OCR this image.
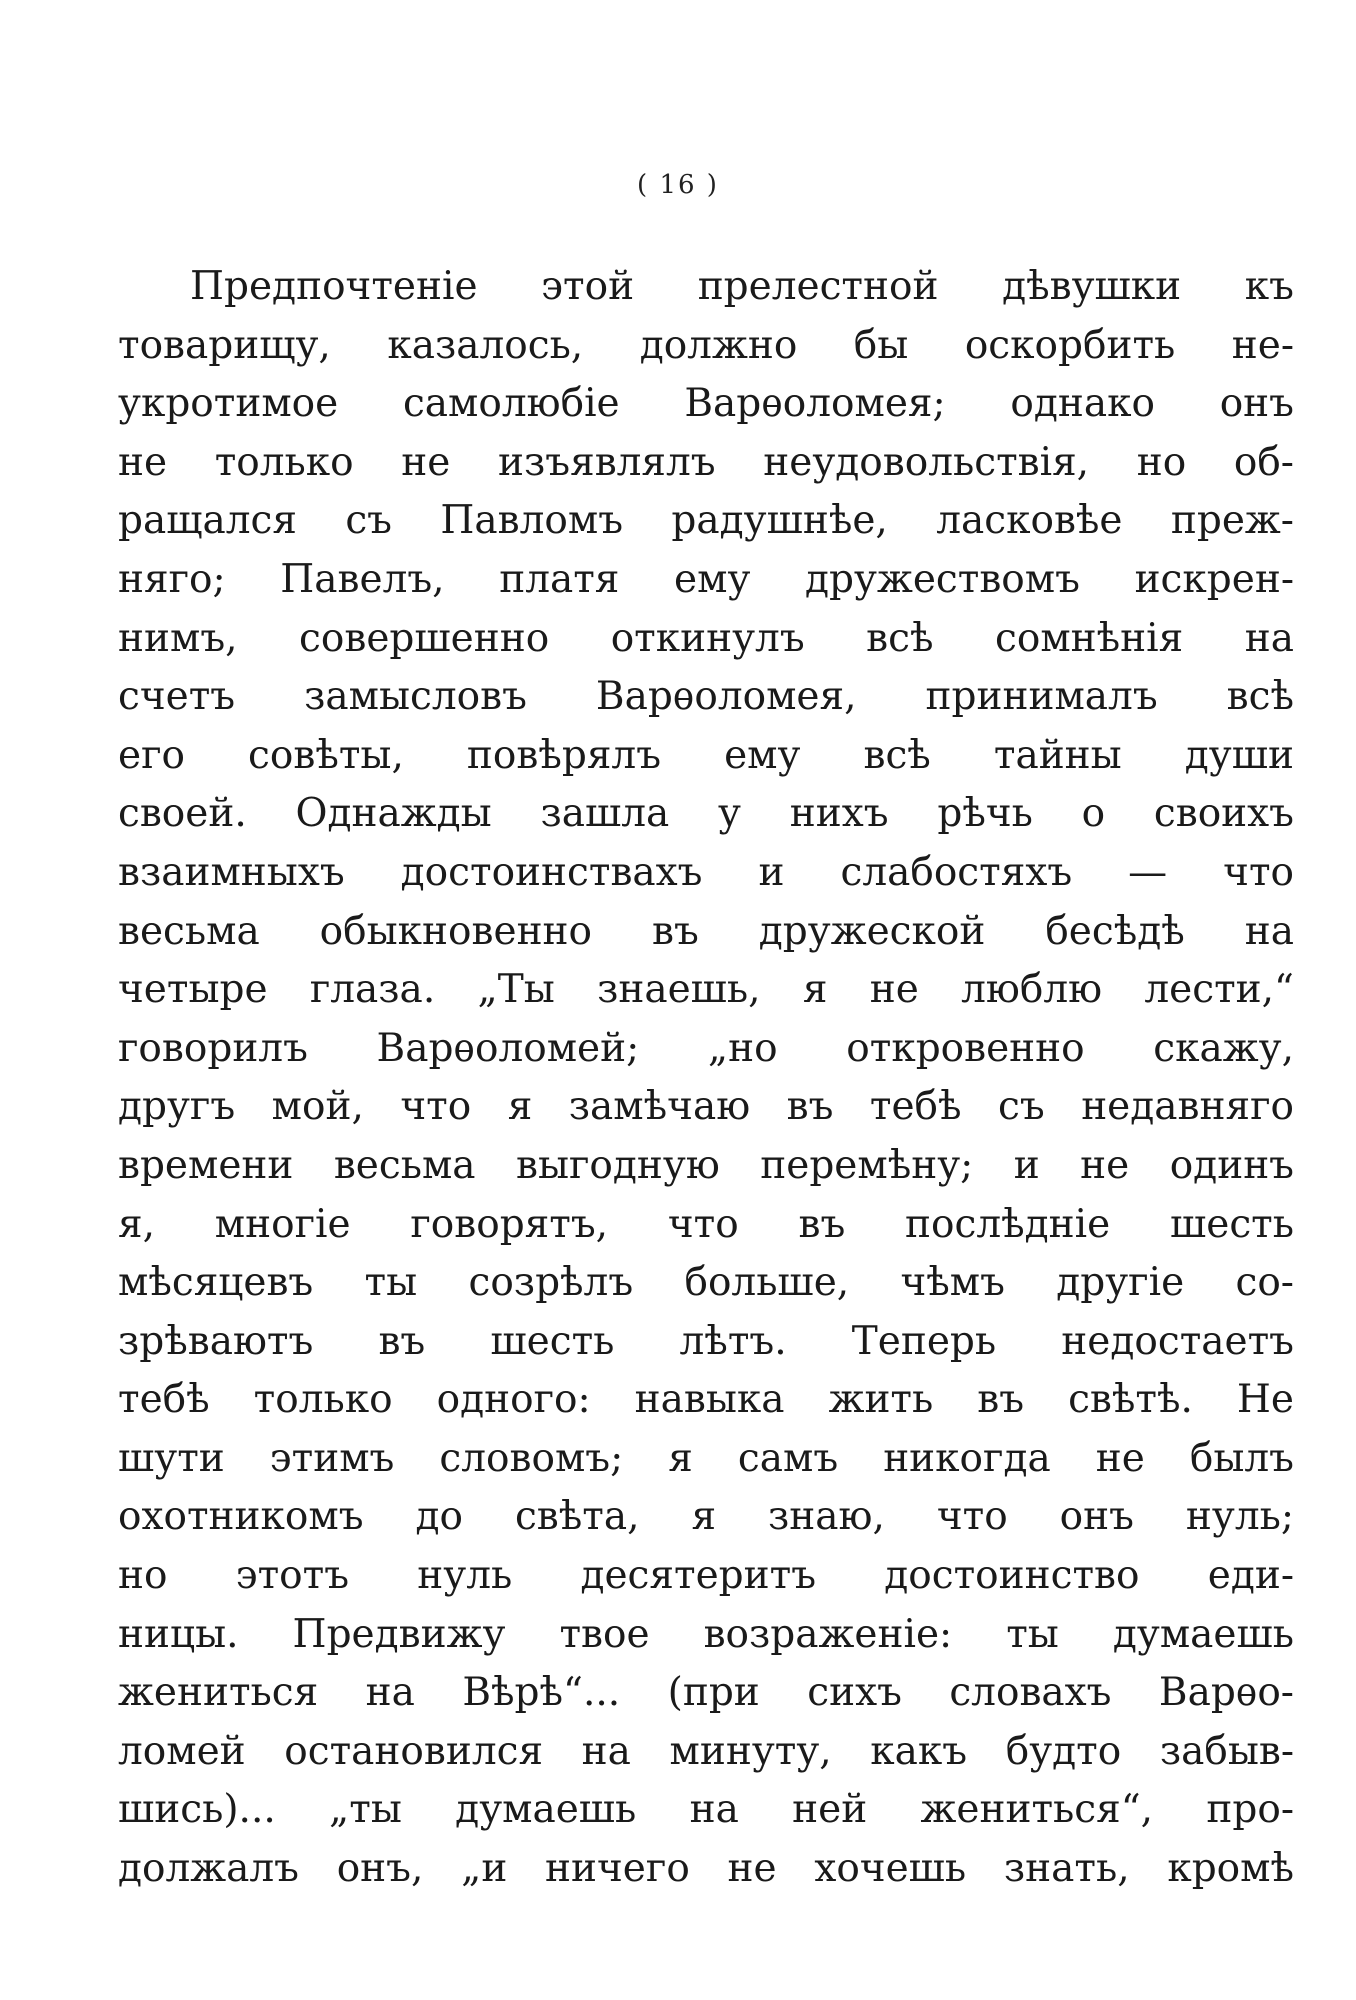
( 16 )
Предпочтеніе этой прелестной дѣвушки къ
товарищу, казалось, должно бы оскорбить не-
укротимое самолюбіе Варѳоломея; однако онъ
не только не изъявлялъ неудовольствія, но об-
ращался съ Павломъ радушнѣе, ласковѣе преж-
няго; Павелъ, платя ему дружествомъ искрен-
нимъ, совершенно откинулъ всѣ сомнѣнія на
счетъ замысловъ Варѳоломея, принималъ всѣ
его совѣты, повѣрялъ ему всѣ тайны души
своей. Однажды зашла у нихъ рѣчь о своихъ
взаимныхъ достоинствахъ и слабостяхъ — что
весьма обыкновенно въ дружеской бесѣдѣ на
четыре глаза. „Ты знаешь, я не люблю лести,“
говорилъ Варѳоломей; „но откровенно скажу,
другъ мой, что я замѣчаю въ тебѣ съ недавняго
времени весьма выгодную перемѣну; и не одинъ
я, многіе говорятъ, что въ послѣдніе шесть
мѣсяцевъ ты созрѣлъ больше, чѣмъ другіе со-
зрѣваютъ въ шесть лѣтъ. Теперь недостаетъ
тебѣ только одного: навыка жить въ свѣтѣ. Не
шути этимъ словомъ; я самъ никогда не былъ
охотникомъ до свѣта, я знаю, что онъ нуль;
но этотъ нуль десятеритъ достоинство еди-
ницы. Предвижу твое возраженіе: ты думаешь
жениться на Вѣрѣ“... (при сихъ словахъ Варѳо-
ломей остановился на минуту, какъ будто забыв-
шись)... „ты думаешь на ней жениться“, про-
должалъ онъ, „и ничего не хочешь знать, кромѣ
